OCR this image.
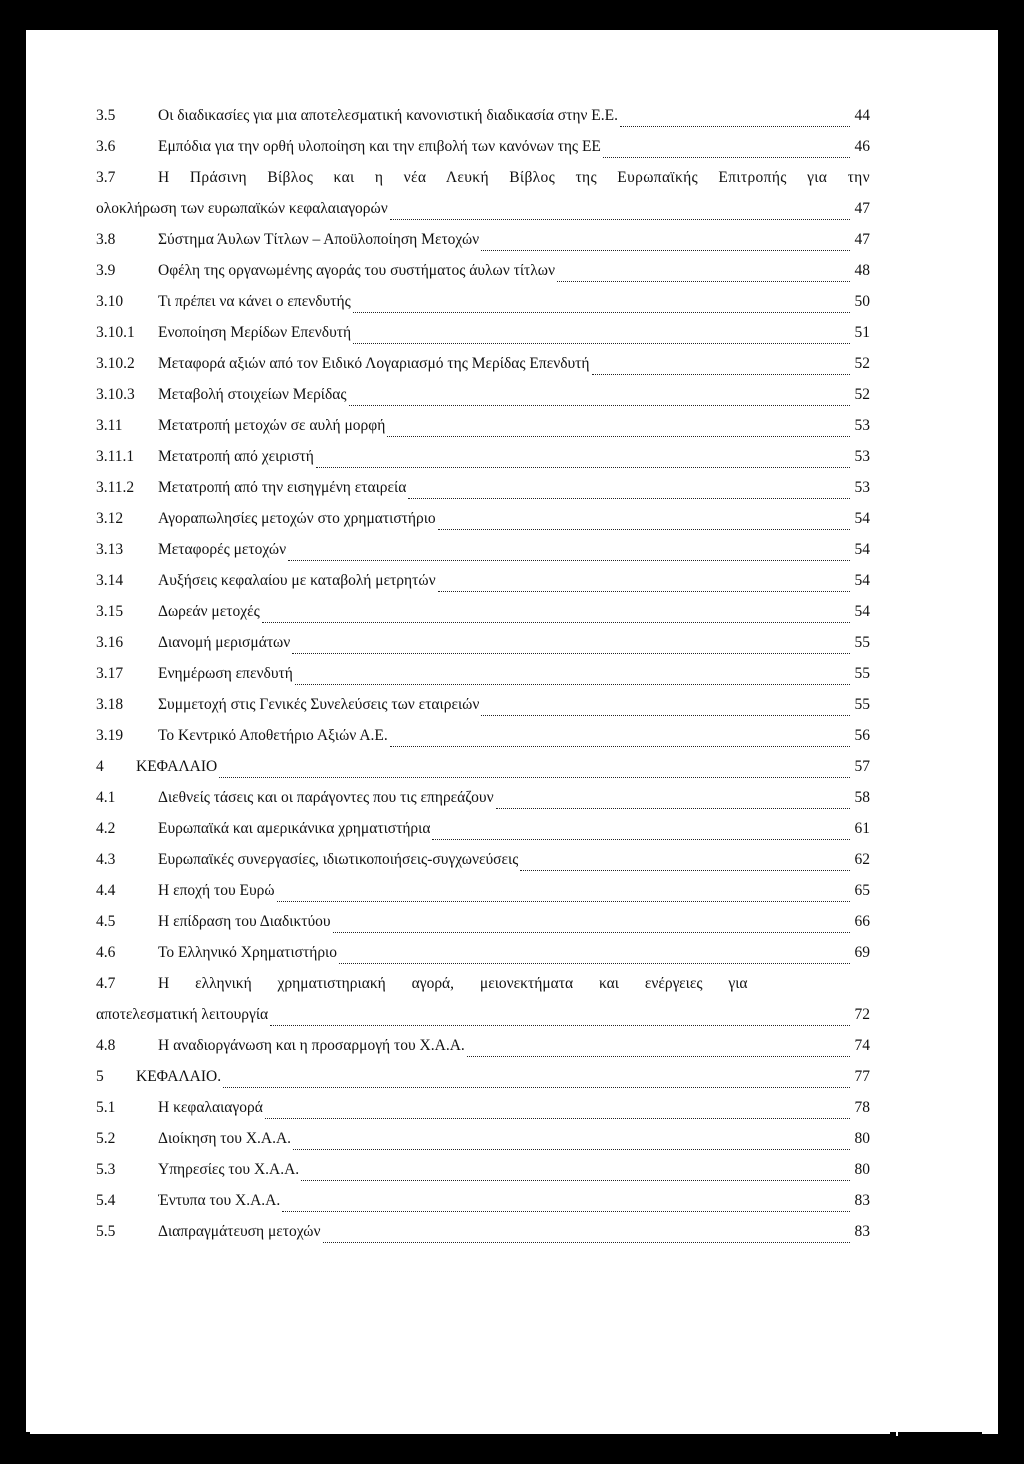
3.5	Οι διαδικασίες για μια αποτελεσματική κανονιστική διαδικασία στην Ε.Ε.	44
3.6	Εμπόδια για την ορθή υλοποίηση και την επιβολή των κανόνων της ΕΕ	46
3.7	Η Πράσινη Βίβλος και η νέα Λευκή Βίβλος της Ευρωπαϊκής Επιτροπής για την
ολοκλήρωση των ευρωπαϊκών κεφαλαιαγορών	47
3.8	Σύστημα Άυλων Τίτλων – Αποϋλοποίηση Μετοχών	47
3.9	Οφέλη της οργανωμένης αγοράς του συστήματος άυλων τίτλων	48
3.10	Τι πρέπει να κάνει ο επενδυτής	50
3.10.1	Ενοποίηση Μερίδων Επενδυτή	51
3.10.2	Μεταφορά αξιών από τον Ειδικό Λογαριασμό της Μερίδας Επενδυτή	52
3.10.3	Μεταβολή στοιχείων Μερίδας	52
3.11	Μετατροπή μετοχών σε αυλή μορφή	53
3.11.1	Μετατροπή από χειριστή	53
3.11.2	Μετατροπή από την εισηγμένη εταιρεία	53
3.12	Αγοραπωλησίες μετοχών στο χρηματιστήριο	54
3.13	Μεταφορές μετοχών	54
3.14	Αυξήσεις κεφαλαίου με καταβολή μετρητών	54
3.15	Δωρεάν μετοχές	54
3.16	Διανομή μερισμάτων	55
3.17	Ενημέρωση επενδυτή	55
3.18	Συμμετοχή στις Γενικές Συνελεύσεις των εταιρειών	55
3.19	Το Κεντρικό Αποθετήριο Αξιών Α.Ε.	56
4	ΚΕΦΑΛΑΙΟ	57
4.1	Διεθνείς τάσεις και οι παράγοντες που τις επηρεάζουν	58
4.2	Ευρωπαϊκά και αμερικάνικα χρηματιστήρια	61
4.3	Ευρωπαϊκές συνεργασίες, ιδιωτικοποιήσεις-συγχωνεύσεις	62
4.4	Η εποχή του Ευρώ	65
4.5	Η επίδραση του Διαδικτύου	66
4.6	Το Ελληνικό Χρηματιστήριο	69
4.7	Η ελληνική χρηματιστηριακή αγορά, μειονεκτήματα και ενέργειες για
αποτελεσματική λειτουργία	72
4.8	Η αναδιοργάνωση και η προσαρμογή του Χ.Α.Α.	74
5	ΚΕΦΑΛΑΙΟ.	77
5.1	Η κεφαλαιαγορά	78
5.2	Διοίκηση του Χ.Α.Α.	80
5.3	Υπηρεσίες του Χ.Α.Α.	80
5.4	Έντυπα του Χ.Α.Α.	83
5.5	Διαπραγμάτευση μετοχών	83
3
